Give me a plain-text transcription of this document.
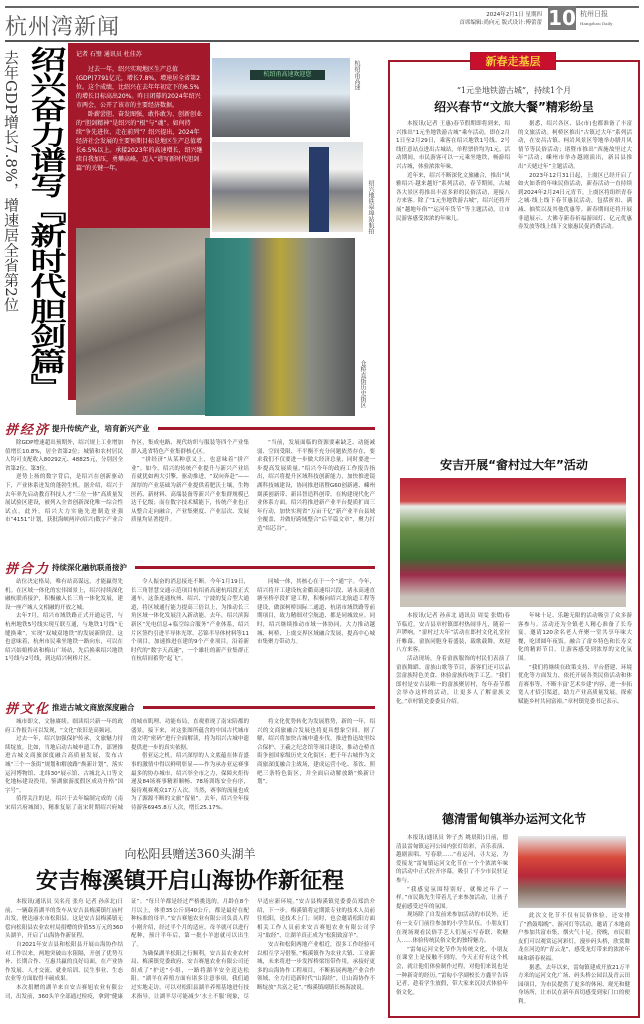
杭州湾新闻	2024年2月1日 星期四
首席编辑:尚向元 版式设计:傅蕾蕾 10 杭州日报
Hangzhou Daily
去年GDP增长7.8%，增速居全省第2位 绍兴奋力谱写『新时代胆剑篇』 记者 石璧 通讯员 杜佳苏

过去一年，绍兴实现地区生产总值(GDP)7791亿元，增长7.8%，增速居全省第2位。这个成绩，比绍兴在去年年初定下的6.5%的增长目标高出20%。昨日闭幕的2024年绍兴市两会，公开了该市的主要经济数据。

卧薪尝胆、奋发图强，敢作敢为、创新创业的“胆剑精神”是绍兴的“根”与“魂”。如何持续“争先进位、走在前列”？绍兴提出，2024年经济社会发展的主要预期目标是地区生产总值增长6.5%以上。承接2023年的高速增长，绍兴继续自我加压，勇攀高峰，迈入“谱写新时代胆剑篇”的关键一年。

杭绍甬高速欢迎您	杭绍甬高速
绍兴地铁皋埠站航拍
仓桥直街历史街区
拼经济 提升传统产业，培育新兴产业

除GDP增速超出预期外，绍兴规上工业增加值增长10.8%，居全省第2位；城镇和农村居民人均可支配收入80292元、48825元，分别居全省第2位、第3位。

逆势上扬的数字背后，是绍兴在创新驱动下，产业体系迸发的蓬勃生机。据介绍，绍兴于去年率先启动教育科技人才“三位一体”高质量发展试验区建设，被列入全省创新深化唯一综合性试点。此外，绍兴大力实施先进制造业强市“4151”计划，获批海峡两岸(绍兴)数字产业合作区，集成电路、现代纺织与服装等四个产业集群入选省特色产业集群核心区。

“拼经济”从某种意义上，也意味着“拼产业”。如今，绍兴的传统产业提升与新兴产业培育就犹如两大引擎，驱动推进。“双向奔赴”——深厚的产业基础为新产业提供着肥沃土壤，生物医药、新材料、高端装备等新兴产业集群规模已达千亿级；而在数字技术赋能下，传统产业也正从整合走向融合，产业集聚度、产业层次、发展质量均显著提升。

“当前，发展面临的资源要素缺乏、动能减弱、空间受限、不平衡不充分问题依然存在，要求我们不仅要进一步做大经济总量，同时要进一步提高发展质量。”绍兴今年的政府工作报告指出，绍兴将提升区域科技创新能力，加快推进镜湖科技城建设，协同推进诸暨G60创新港、嵊州剡溪创新带、新昌智造科创带。在构建现代化产业体系方面，绍兴将推进新产业平台提质扩面三年行动，加快实现省“万亩千亿”新产业平台县域全覆盖，并做好跨域整合“后半篇文章”，聚力打造“绍芯谷”。

拼合力 持续深化融杭联甬接沪

站位决定格局，唯有站高谋远，才能赢得先机。在区域一体化的宏伟图景上，绍兴持续深化融杭联甬接沪，积极融入长三角一体化发展，建设一座产城人文相融的开放之城。

去年7月，绍兴市域铁路正式开通运营，与杭州地铁5号线实现互联互通，与地铁1号线“无缝换乘”，实现“双城双地铁”的发展新阶段。这也意味着，杭州市民乘坐地铁一路向东，可以在绍兴姑娘桥站和梅山广场站，先后换乘绍兴地铁1号线与2号线，到达绍兴柯桥片区。

令人振奋的消息接连不断。今年1月19日，长三角智慧交通示范项目杭绍甬高速杭绍段正式通车。这条连通杭州、绍兴、宁波的复合型大通道，将区域通行能力提高三倍以上，为推动长三角区域一体化发展注入新动能。去年，绍兴滨海新区“光电信息+临空综合服务”产业体系，绍兴片区签约引进半导体光罩、芯锦半导体材料等11个项目，加速推进在建的9个产业项目。沿着新时代的“数字天高速”，一个雄壮的新产业集群正在杭绍间蓄势“起飞”。

同城一体，其核心在于一个“通”字。今年，绍兴将开工建设杭金衢高速绍兴段、诸永高速直塘至桥亭段扩建工程，积极向绍兴北航道工程等建设，做深柯桥国际二通道、杭诸市域铁路等前期项目，致力精细对空航道、都是同城效应。同时，绍兴继续推动市域一体协同，大力推动越城、柯桥、上虞交界区域融合发展，提高中心城市集聚力带动力。

拼文化 推进古城文商旅深度融合

城市即文，文脉赓续。细读绍兴新一年的政府工作报告可以发现，“文化”依旧是高频词。

过去一年，绍兴加强保护传承，文旅魅力持续绽放。比如，当地启动古城申遗工作，部署推进古城文商旅深度融合高质量发展，发布古城“三个一条街”规划和解放路“焕新计划”，落实运河博物馆、北纬30°展示馆、古城北入口等文化地标建设投用，鉴湖旅游度假区成功升格“国字号”。

值得关注的是，绍兴于去年编制完成的《南宋绍兴府城图》，精准复原了南宋时期绍兴府城的城市肌理、功能布局，直观重现了南宋陪都的盛景。接下来，对这张图所蕴含的中国古代城市的文明“密码”进行全面解读，将为绍兴古城申遗提供进一步的真实依据。

借亚运之机，绍兴深厚的人文底蕴在体育盛事的激情中得以鲜明彰显——作为承办亚运赛事最多的协办城市，绍兴举全市之力，保障火炬传递及84场赛事精彩顺畅、78场训练安全有序，接待观赛观众17万人次。当然，赛事的流量也成为了源源不断的文旅“留量”。去年，绍兴全年接待游客6945.8万人次，增长25.17%。

将文化优势转化为发展胜势，新的一年，绍兴的文商旅融合发展也将更具想象空间。据了解，绍兴将加快古城申遗步伐，推进鲁迅故里综合保护、王羲之纪念馆等项目建设，推动仓桥直街争创国家级历史文化街区；把千年古城作为文商旅深度融合主战场，建成运营小吃、茶饮、照吧三条特色街区，并全面启动解放路“焕新计划”。

向松阳县赠送360头湖羊
安吉梅溪镇开启山海协作新征程

本报讯(通讯员 吴名亮 张舟 记者 孙彦北)日前，一辆载着湖羊的货车从安吉县梅溪镇红庙村出发，驶达丽水市松阳县。这是安吉县梅溪镇无偿向松阳县农业农村局捐赠的价值55万元的360头湖羊，开启了山海协作新征程。

自2021年安吉县和松阳县开展山海协作结对工作以来，两地突破山水阻隔，开创了优势互补、长期合作、互惠共赢的良好局面，在产业协作发展、人才交流、就业培训、民生事业、生态农业等方面取得丰硕成果。

本次捐赠的湖羊来自安吉赛旭农业有限公司，出发前，360头羊全部通过检疫，拿到“健康证”。“每只羊都是经过严格挑选的，月龄在8个月以上，体重35公斤到40公斤，都是最好在配种标准的母羊。”安吉赛旭农业有限公司负责人程小刚介绍，经过半个月的适应，母羊就可以进行配种，预计半年后，第一批小羊崽就可以出生了。

为确保湖羊松阳之行顺利，安吉县农业农村局、梅溪镇党委政府、安吉赛旭农业有限公司还组成了“护送”小组，一路将湖羊安全送达松阳。“湖羊在养殖方面有诸多注意事项，我们通过实地走访，可以对松阳县湖羊养殖基地进行技术指导，让湖羊尽可能减少‘水土不服’现象，尽早适应新环境。”安吉县梅溪镇党委委员郑浩介绍，下一步，梅溪镇将定期派专业的技术人员前往松阳，送技术上门；同时，也会邀请松阳方面相关工作人员前来安吉赛旭农业有限公司学习“取经”，让湖羊真正成为“松阳致富羊”。

安吉和松阳两地产业相近，很多工作经验可以相互学习借鉴。”梅溪镇作为农业大镇、工业新城，未来将进一步发挥桥梁纽带作用，承接好更多的山海协作工程项目，不断拓展两地产业合作领域，全力打造新时代“山海经”，让山海协作不断绽放“共富之花”。”梅溪镇副镇长杨海波说。

新春走基层
“1元坐地铁游古城”，持续1个月
绍兴春节“文旅大餐”精彩纷呈

本报讯(记者 王惠)春节假期即将到来，绍兴推出“1元坐地铁游古城”乘车活动，即在2月1日至2月29日，乘客在绍兴地铁1号线、2号线任意站点进出古城站，单程票价均为1元。活动期间，市民游客可以一元乘坐地铁，畅游绍兴古城，体验浓浓年味。

近年来，绍兴不断深化文旅融合，推出“风雅绍兴·越来越好”系列活动，春节期间，古城各大景区将推出丰富多彩的民俗活动，迎接八方来客。除了“1元坐地铁游古城”，绍兴还将开展“越地年俗”“运河年货节”等主题活动，让市民游客感受浓浓的年味儿。

据悉，绍兴各区、县(市)也都准备了丰富的文旅活动。柯桥区推出“古镇过大年”系列活动，在安昌古镇、柯岩风景区等地举办腊月风情节等民俗活动；诸暨市推出“西施故里过大年”活动；嵊州市举办越剧演出，新昌县推出“天姥过年”主题活动。

2023年12月31日起，上虞区已经开启了如火如荼的年味民俗活动，新春活动一直持续到2024年2月24日元宵节。上虞区将组织青春之城·线上线下春节惠民活动，包括折扣、满减、抽奖以及其他优惠等。新春期间还将开展非遗展示、大佛寺新春祈福游园灯、亿元优惠券发放等线上线下文旅惠民促消费活动。

安吉开展“畲村过大年”活动

本报讯(记者 孙彦北 通讯员 周雯 张熠)春节临近，安吉县章村镇郎村热闹非凡，随着一声锣响，“畲村过大年”活动在郎村文化礼堂拉开帷幕。畲族同胞身着盛装，载歌载舞，欢迎八方来客。

活动现场，身着畲族服饰的村民们表演了畲族舞蹈、畲族山歌等节目，游客们还可以品尝畲族特色美食、体验畲族传统手工艺。“我们郎村是安吉县唯一的畲族聚居村，每年春节都会举办这样的活动，让更多人了解畲族文化。”章村镇党委委员介绍。

年味十足、乐趣无限的活动吸引了众多游客参与。活动还为全镇老人精心准备了长寿宴，邀请120余名老人齐聚一堂共享年味大餐，吃团圆年夜饭。融合了畲乡特色和长寿文化的精彩节目，让游客感受到浓厚的文化氛围。

“我们将继续在政策支持、平台搭建、环境优化等方面发力，依托开展各类民俗活动和体育赛事等，不断丰富‘艺术乡建’内容，进一步拓宽人才招引渠道，助力产业高质量发展，探索赋能乡村共同富裕。”章村镇党委书记表示。

德清雷甸镇举办运河文化节

本报讯(通讯员 钟子杰 姚晨阳)日前，德清县雷甸镇运河公园内张灯结彩，音乐表演、越剧演唱、写春联……“看运河，寻大运，为爱接龙”雷甸镇运河文化节在一个个浓浓年味的活动中正式拉开序幕，吸引了不少市民驻足参与。

“我感觉氛围特别好，就像过年了一样。”市民陈先生带着儿子来参加活动，让孩子提前感受过年的氛围。

现场除了自发前来参加活动的市民外，还有一支专门前往参加的小学生队伍。小朋友们在现场观看民俗手艺人们展示写春联、吹糖人……体验传统民俗文化的独特魅力。

“雷甸运河文化节作为传统文化，小朋友在课堂上是接触不到的，今天正好有这个机会，就让他们体验制作过程，对他们来说也是一种新奇的经历。”雷甸小学副校长方鑫平告诉记者，趁着学生放假，带大家来沉浸式体验年俗文化。

此次文化节不仅有民俗体验，还安排了“渔鼓唱晚”、游河灯等活动，邀请了本地商户参加共富市集，烟火气十足。傍晚，市民朋友们可以观赏运河彩灯，漫步码头桥，欣赏舞龙在河边的“青云龙”，感受龙灯带来的浓浓年味和新春祝福。

据悉，去年以来，雷甸镇建成开放21万平方米的运河文化广场、码头桥公园以及青云田园项目，为市民提供了更多的休闲、观光和健身场所，让市民在新年真切感受到家门口的便利。
